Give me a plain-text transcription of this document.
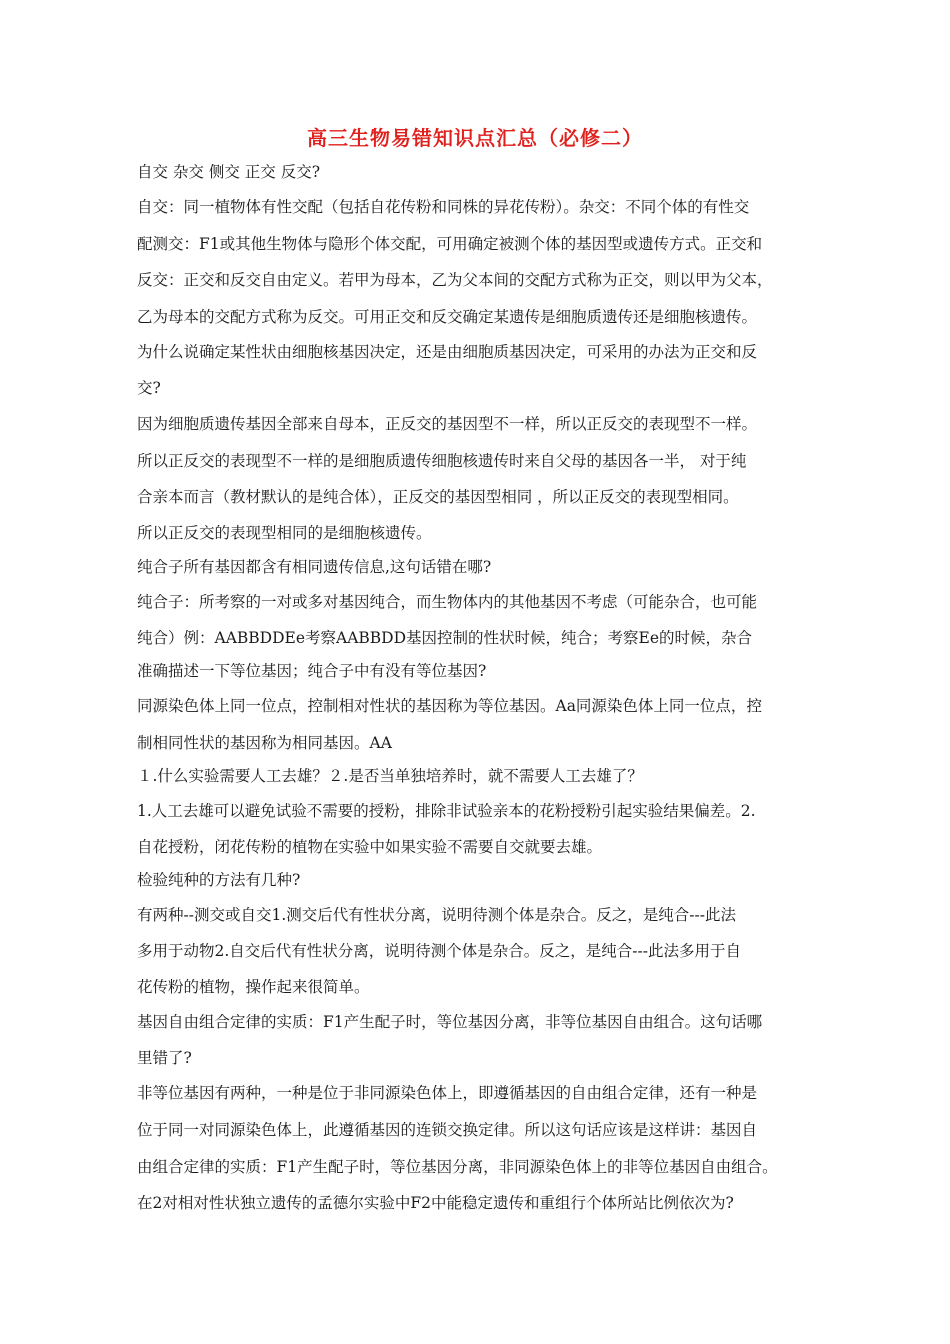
高三生物易错知识点汇总（必修二）
自交 杂交 侧交 正交 反交?
自交：同一植物体有性交配（包括自花传粉和同株的异花传粉）。杂交：不同个体的有性交
配测交：F1或其他生物体与隐形个体交配，可用确定被测个体的基因型或遗传方式。正交和
反交：正交和反交自由定义。若甲为母本，乙为父本间的交配方式称为正交，则以甲为父本，
乙为母本的交配方式称为反交。可用正交和反交确定某遗传是细胞质遗传还是细胞核遗传。
为什么说确定某性状由细胞核基因决定，还是由细胞质基因决定，可采用的办法为正交和反
交?
因为细胞质遗传基因全部来自母本，正反交的基因型不一样，所以正反交的表现型不一样。
所以正反交的表现型不一样的是细胞质遗传细胞核遗传时来自父母的基因各一半， 对于纯
合亲本而言（教材默认的是纯合体），正反交的基因型相同 ，所以正反交的表现型相同。
所以正反交的表现型相同的是细胞核遗传。
纯合子所有基因都含有相同遗传信息,这句话错在哪?
纯合子：所考察的一对或多对基因纯合，而生物体内的其他基因不考虑（可能杂合，也可能
纯合）例：AABBDDEe考察AABBDD基因控制的性状时候，纯合；考察Ee的时候，杂合
准确描述一下等位基因；纯合子中有没有等位基因?
同源染色体上同一位点，控制相对性状的基因称为等位基因。Aa同源染色体上同一位点，控
制相同性状的基因称为相同基因。AA
１.什么实验需要人工去雄？２.是否当单独培养时，就不需要人工去雄了？
1.人工去雄可以避免试验不需要的授粉，排除非试验亲本的花粉授粉引起实验结果偏差。2.
自花授粉，闭花传粉的植物在实验中如果实验不需要自交就要去雄。
检验纯种的方法有几种?
有两种--测交或自交1.测交后代有性状分离，说明待测个体是杂合。反之，是纯合---此法
多用于动物2.自交后代有性状分离，说明待测个体是杂合。反之，是纯合---此法多用于自
花传粉的植物，操作起来很简单。
基因自由组合定律的实质：F1产生配子时，等位基因分离，非等位基因自由组合。这句话哪
里错了?
非等位基因有两种，一种是位于非同源染色体上，即遵循基因的自由组合定律，还有一种是
位于同一对同源染色体上，此遵循基因的连锁交换定律。所以这句话应该是这样讲：基因自
由组合定律的实质：F1产生配子时，等位基因分离，非同源染色体上的非等位基因自由组合。
在2对相对性状独立遗传的孟德尔实验中F2中能稳定遗传和重组行个体所站比例依次为?
